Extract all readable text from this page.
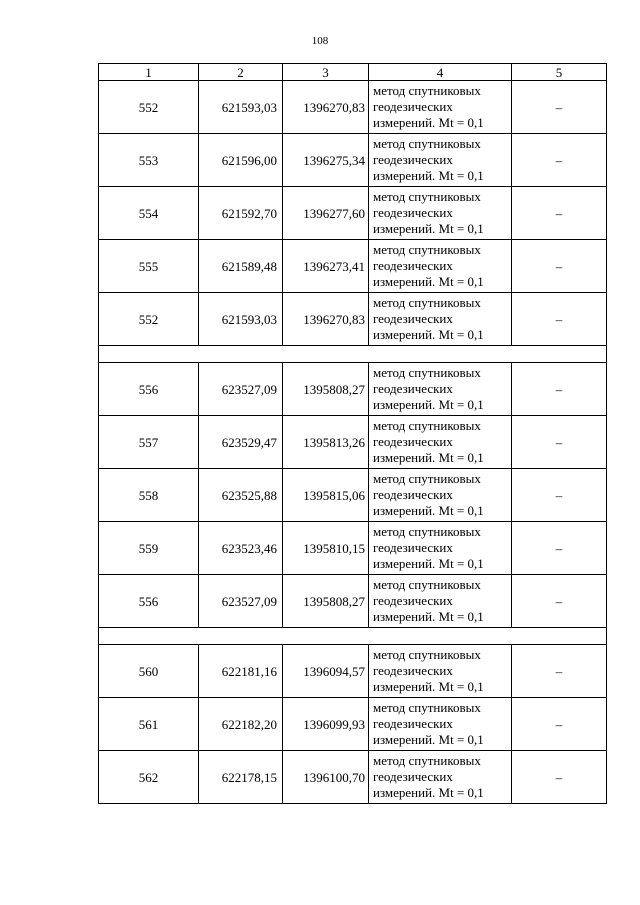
108
1	2	3	4	5
552	621593,03	1396270,83	метод спутниковых
геодезических
измерений. Mt = 0,1	–
553	621596,00	1396275,34	метод спутниковых
геодезических
измерений. Mt = 0,1	–
554	621592,70	1396277,60	метод спутниковых
геодезических
измерений. Mt = 0,1	–
555	621589,48	1396273,41	метод спутниковых
геодезических
измерений. Mt = 0,1	–
552	621593,03	1396270,83	метод спутниковых
геодезических
измерений. Mt = 0,1	–

556	623527,09	1395808,27	метод спутниковых
геодезических
измерений. Mt = 0,1	–
557	623529,47	1395813,26	метод спутниковых
геодезических
измерений. Mt = 0,1	–
558	623525,88	1395815,06	метод спутниковых
геодезических
измерений. Mt = 0,1	–
559	623523,46	1395810,15	метод спутниковых
геодезических
измерений. Mt = 0,1	–
556	623527,09	1395808,27	метод спутниковых
геодезических
измерений. Mt = 0,1	–

560	622181,16	1396094,57	метод спутниковых
геодезических
измерений. Mt = 0,1	–
561	622182,20	1396099,93	метод спутниковых
геодезических
измерений. Mt = 0,1	–
562	622178,15	1396100,70	метод спутниковых
геодезических
измерений. Mt = 0,1	–
